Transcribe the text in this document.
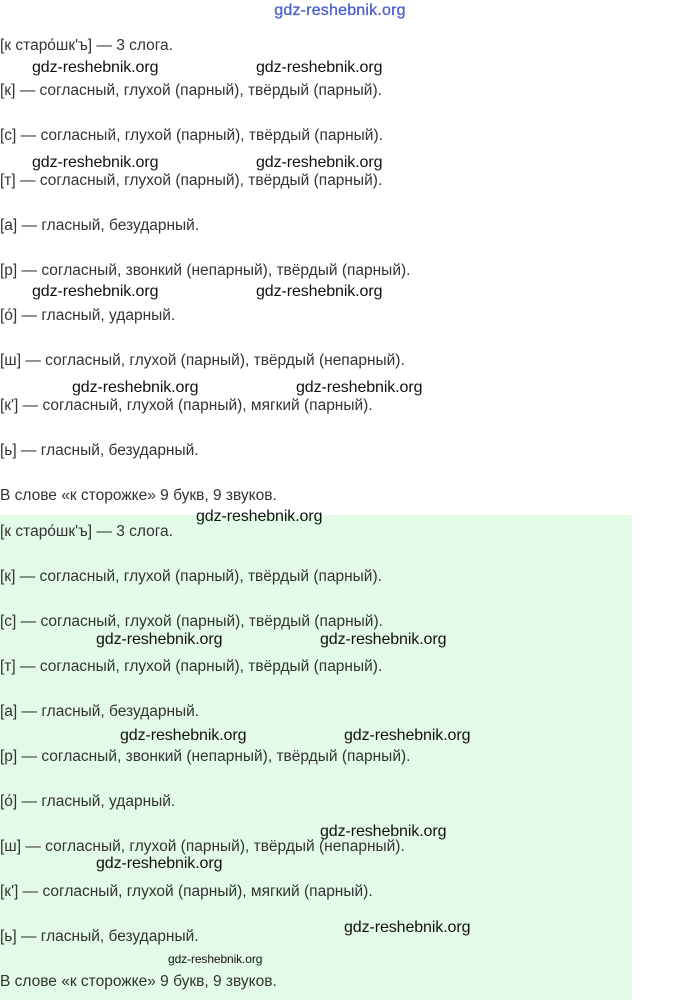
gdz-reshebnik.org

[к старо́шк'ъ] — 3 слога.

[к] — согласный, глухой (парный), твёрдый (парный).

[с] — согласный, глухой (парный), твёрдый (парный).

[т] — согласный, глухой (парный), твёрдый (парный).

[а] — гласный, безударный.

[р] — согласный, звонкий (непарный), твёрдый (парный).

[о́] — гласный, ударный.

[ш] — согласный, глухой (парный), твёрдый (непарный).

[к'] — согласный, глухой (парный), мягкий (парный).

[ь] — гласный, безударный.

В слове «к сторожке» 9 букв, 9 звуков.

[к старо́шк'ъ] — 3 слога.

[к] — согласный, глухой (парный), твёрдый (парный).

[с] — согласный, глухой (парный), твёрдый (парный).

[т] — согласный, глухой (парный), твёрдый (парный).

[а] — гласный, безударный.

[р] — согласный, звонкий (непарный), твёрдый (парный).

[о́] — гласный, ударный.

[ш] — согласный, глухой (парный), твёрдый (непарный).

[к'] — согласный, глухой (парный), мягкий (парный).

[ь] — гласный, безударный.

В слове «к сторожке» 9 букв, 9 звуков.

gdz-reshebnik.org	gdz-reshebnik.org
gdz-reshebnik.org	gdz-reshebnik.org
gdz-reshebnik.org	gdz-reshebnik.org
gdz-reshebnik.org	gdz-reshebnik.org
gdz-reshebnik.org
gdz-reshebnik.org	gdz-reshebnik.org
gdz-reshebnik.org	gdz-reshebnik.org
gdz-reshebnik.org
gdz-reshebnik.org
gdz-reshebnik.org
gdz-reshebnik.org
